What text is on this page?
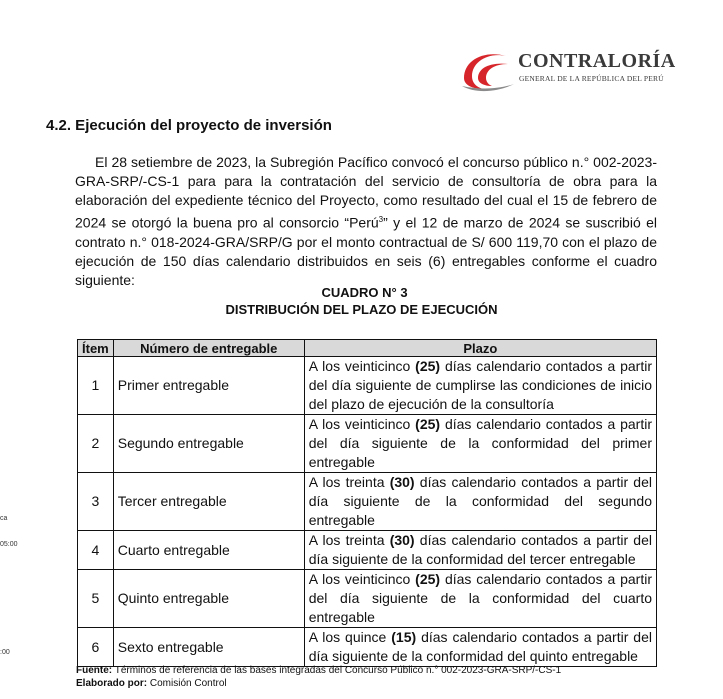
CONTRALORÍA
GENERAL DE LA REPÚBLICA DEL PERÚ
4.2. Ejecución del proyecto de inversión

El 28 setiembre de 2023, la Subregión Pacífico convocó el concurso público n.° 002-2023-GRA-SRP/-CS-1 para para la contratación del servicio de consultoría de obra para la elaboración del expediente técnico del Proyecto, como resultado del cual el 15 de febrero de 2024 se otorgó la buena pro al consorcio “Perú$^3$” y el 12 de marzo de 2024 se suscribió el contrato n.° 018-2024-GRA/SRP/G por el monto contractual de S/ 600 119,70 con el plazo de ejecución de 150 días calendario distribuidos en seis (6) entregables conforme el cuadro siguiente:

CUADRO N° 3
DISTRIBUCIÓN DEL PLAZO DE EJECUCIÓN
Ítem	Número de entregable	Plazo
1	Primer entregable	A los veinticinco (25) días calendario contados a partir del día siguiente de cumplirse las condiciones de inicio del plazo de ejecución de la consultoría
2	Segundo entregable	A los veinticinco (25) días calendario contados a partir del día siguiente de la conformidad del primer entregable
3	Tercer entregable	A los treinta (30) días calendario contados a partir del día siguiente de la conformidad del segundo entregable
4	Cuarto entregable	A los treinta (30) días calendario contados a partir del día siguiente de la conformidad del tercer entregable
5	Quinto entregable	A los veinticinco (25) días calendario contados a partir del día siguiente de la conformidad del cuarto entregable
6	Sexto entregable	A los quince (15) días calendario contados a partir del día siguiente de la conformidad del quinto entregable
Fuente: Términos de referencia de las bases integradas del Concurso Público n.° 002-2023-GRA-SRP/-CS-1
Elaborado por: Comisión Control
ca
05:00
:00
